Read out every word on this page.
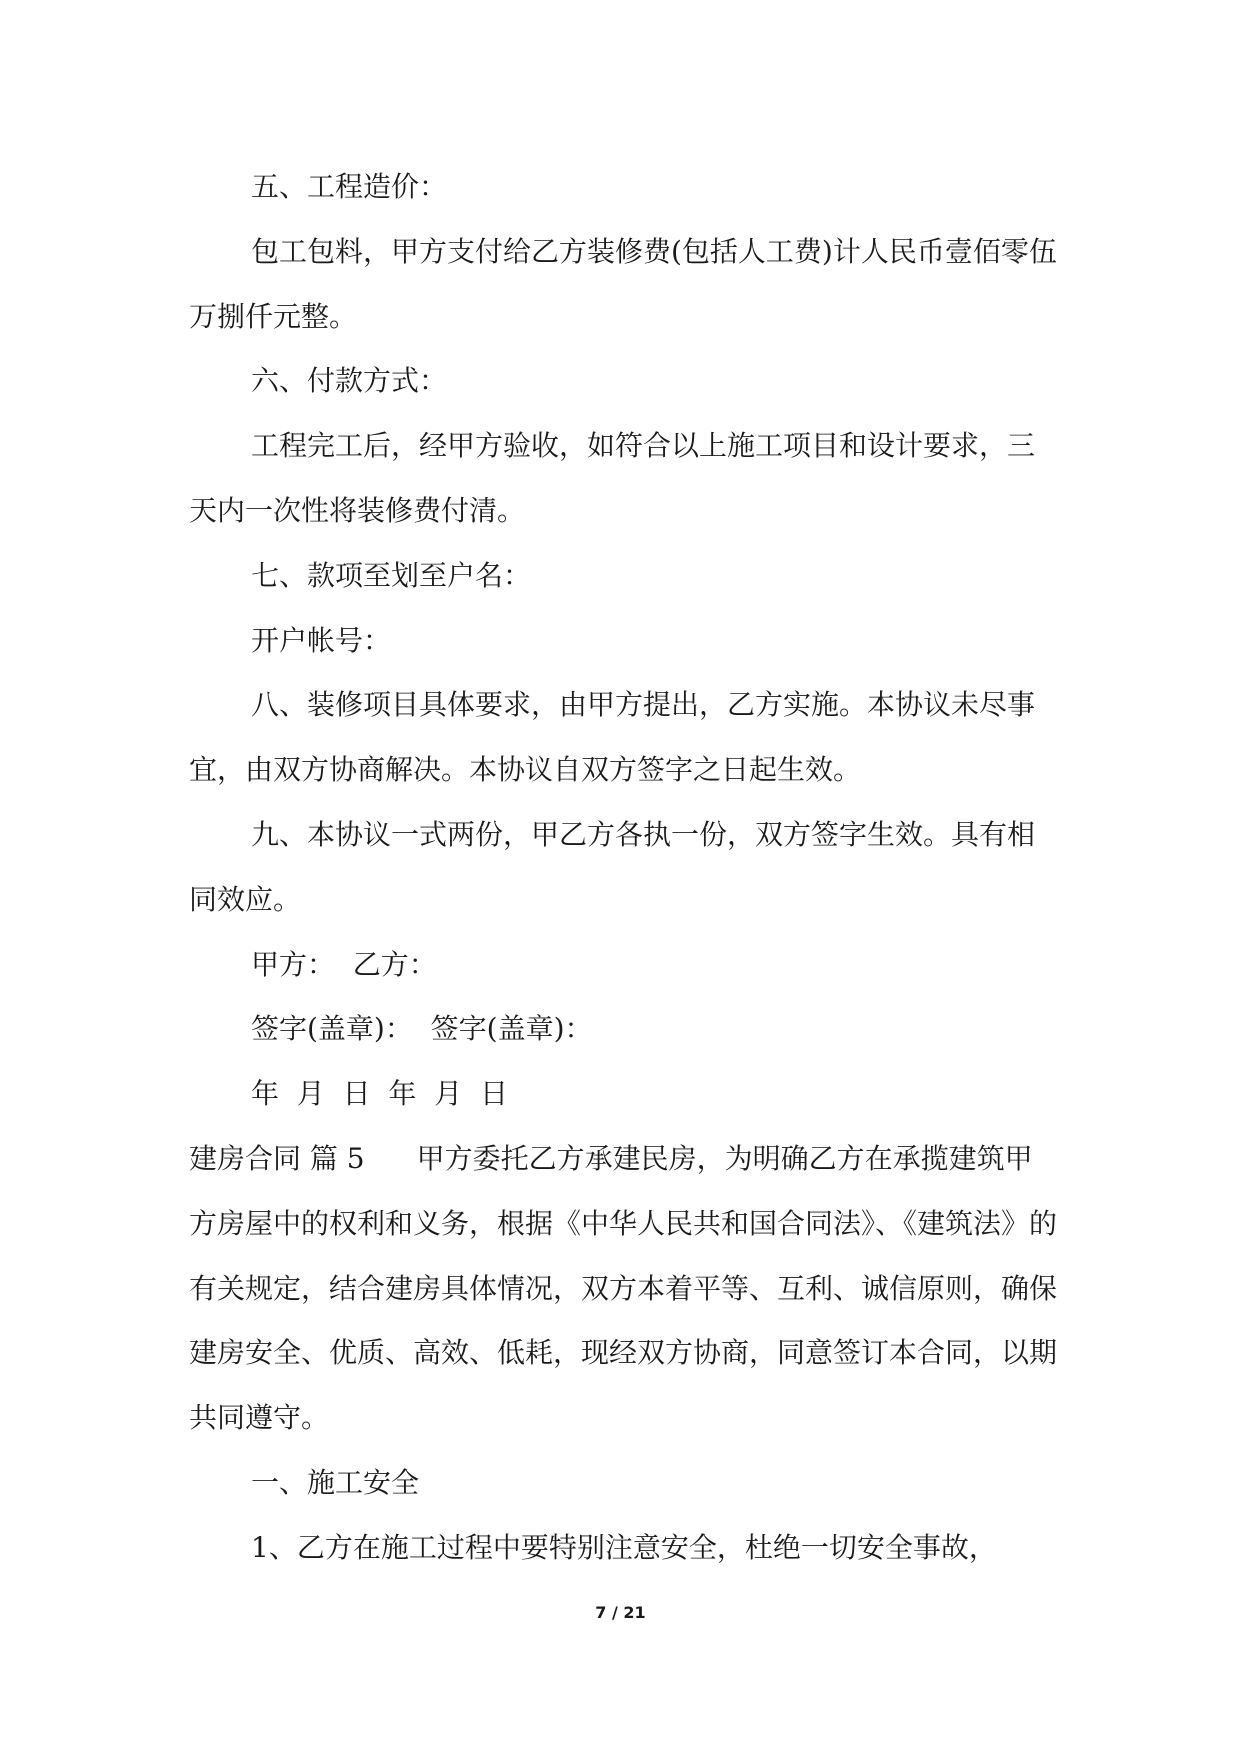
五、工程造价：

包工包料，甲方支付给乙方装修费(包括人工费)计人民币壹佰零伍万捌仟元整。

六、付款方式：

工程完工后，经甲方验收，如符合以上施工项目和设计要求，三天内一次性将装修费付清。

七、款项至划至户名：

开户帐号：

八、装修项目具体要求，由甲方提出，乙方实施。本协议未尽事宜，由双方协商解决。本协议自双方签字之日起生效。

九、本协议一式两份，甲乙方各执一份，双方签字生效。具有相同效应。

甲方：  乙方：

签字(盖章)：  签字(盖章)：

年  月  日  年  月  日

建房合同 篇 5 甲方委托乙方承建民房，为明确乙方在承揽建筑甲方房屋中的权利和义务，根据《中华人民共和国合同法》、《建筑法》的有关规定，结合建房具体情况，双方本着平等、互利、诚信原则，确保建房安全、优质、高效、低耗，现经双方协商，同意签订本合同，以期共同遵守。

一、施工安全

1、乙方在施工过程中要特别注意安全，杜绝一切安全事故，

7 / 21
